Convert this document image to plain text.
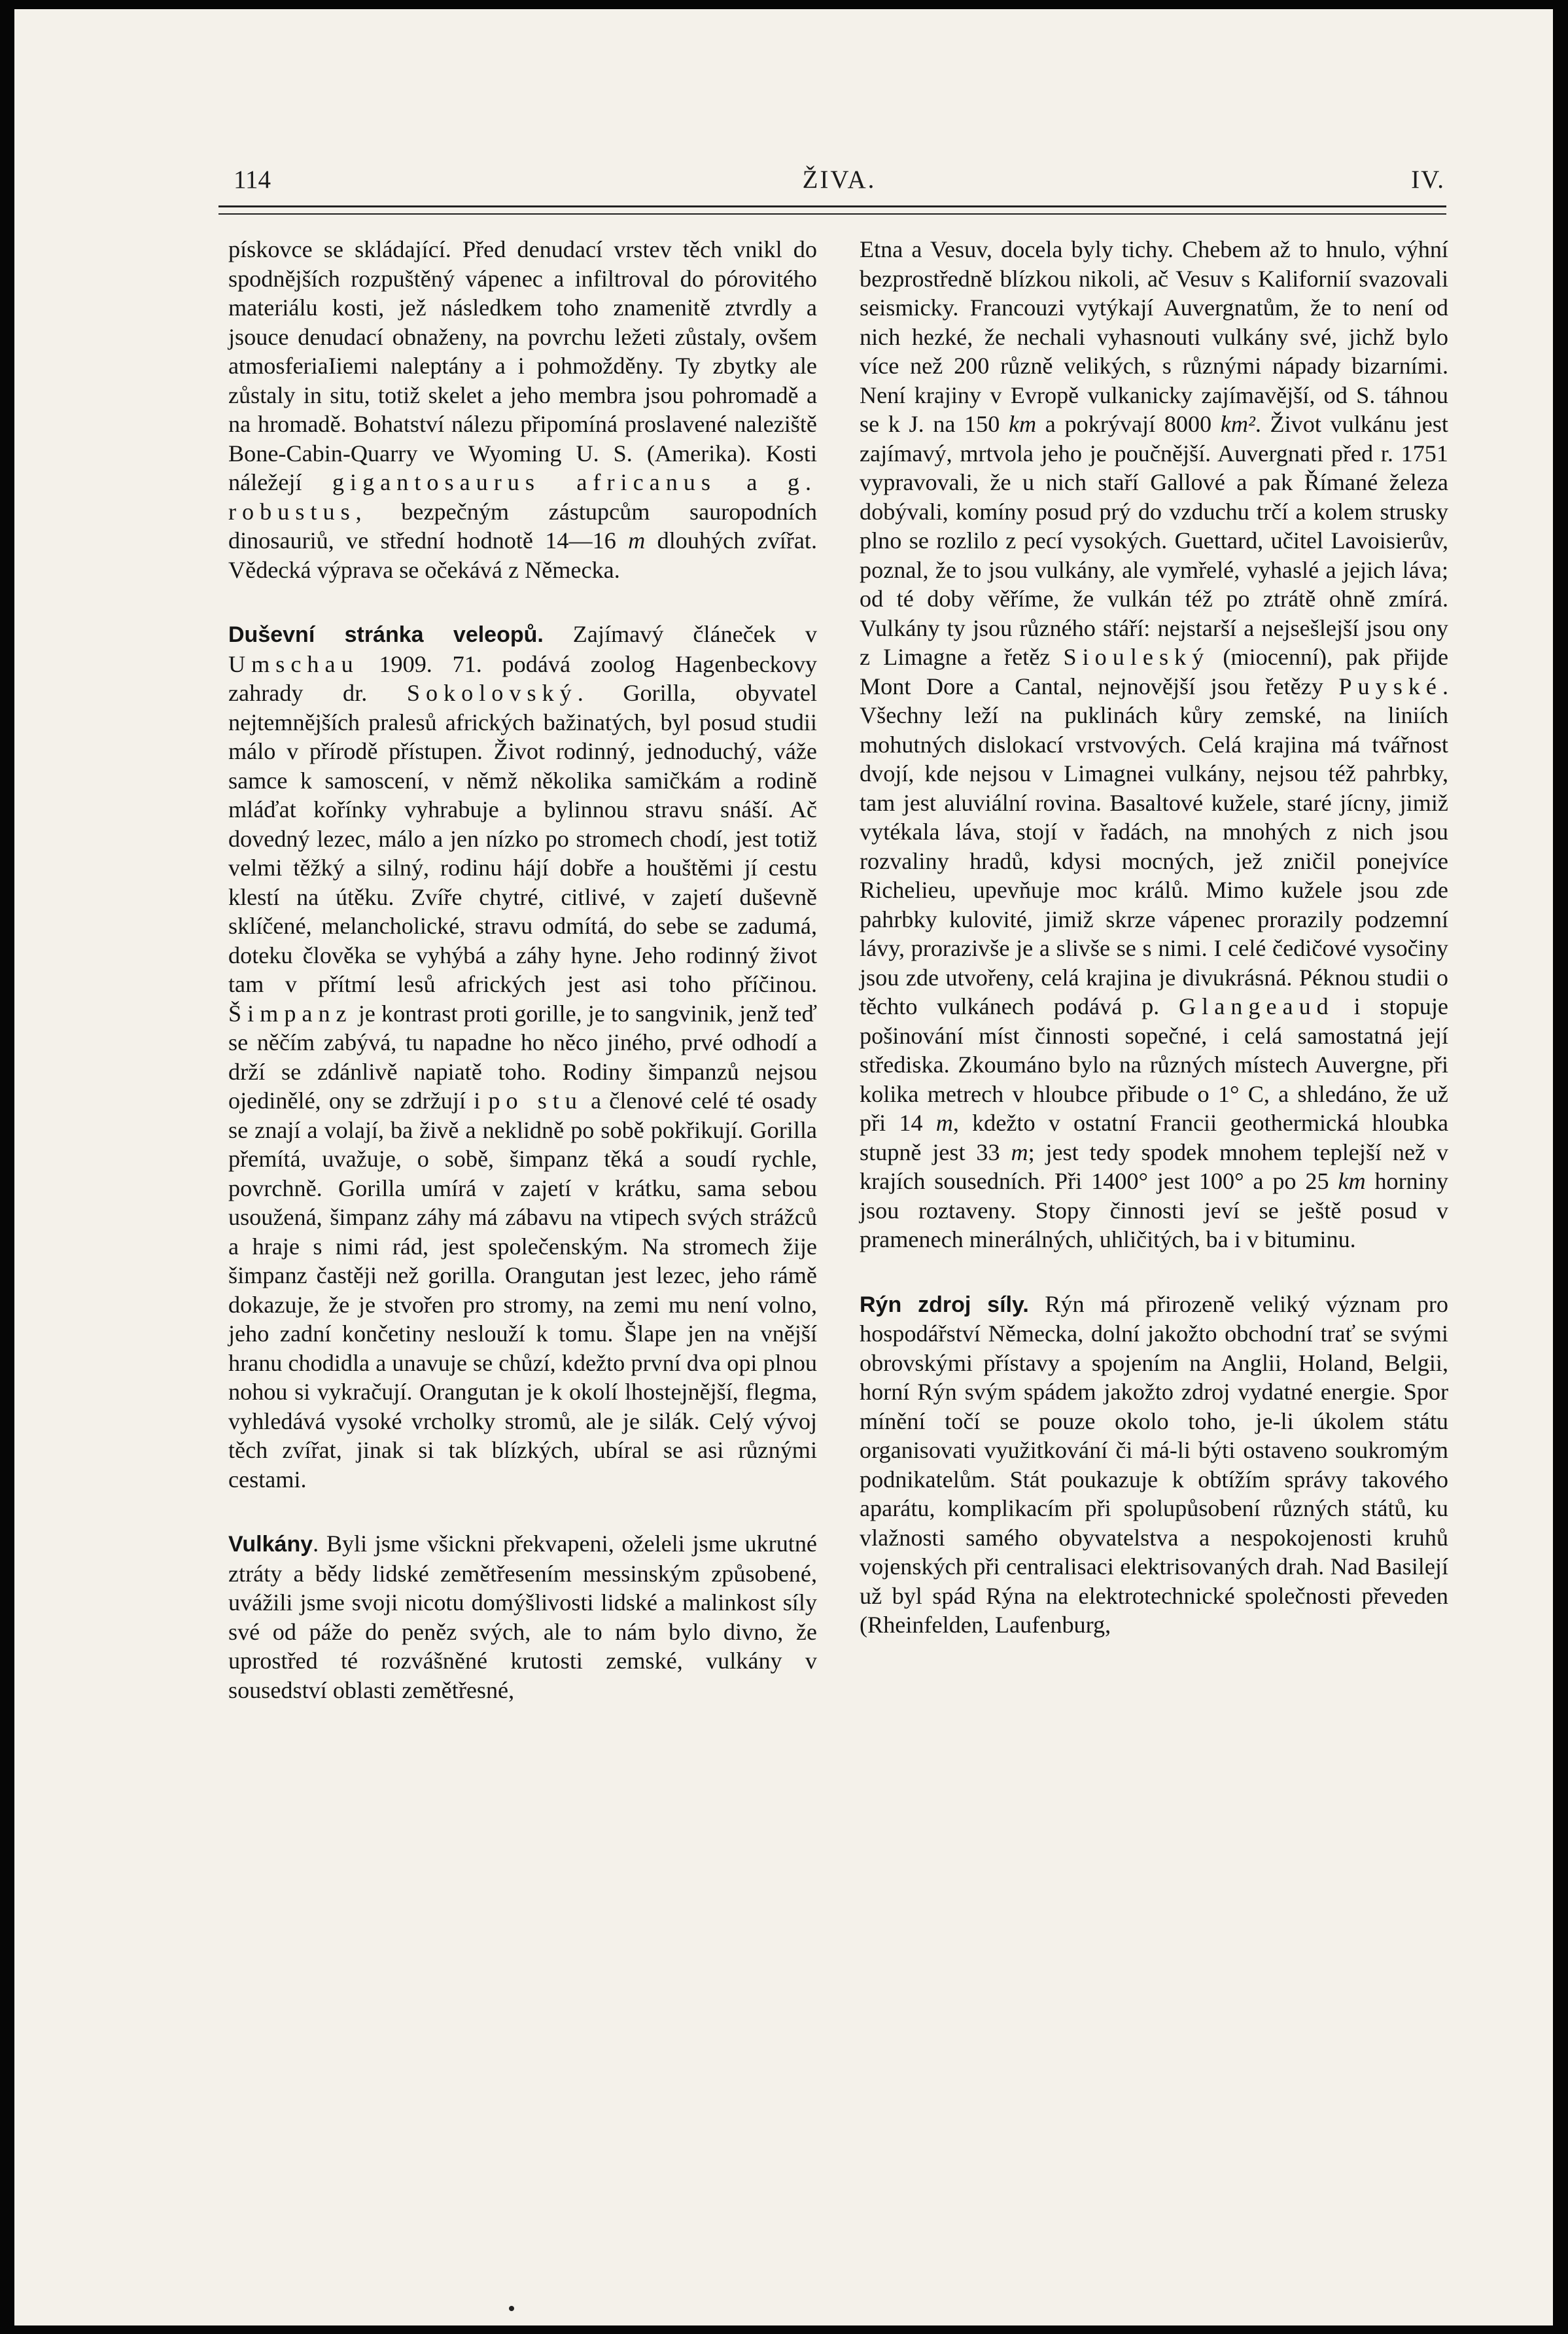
114	ŽIVA.	IV.

pískovce se skládající. Před denudací vrstev těch vnikl do spodnějších rozpuštěný vápenec a infiltroval do pórovitého materiálu kosti, jež následkem toho znamenitě ztvrdly a jsouce denudací obnaženy, na povrchu ležeti zůstaly, ovšem atmosferiaIiemi naleptány a i pohmožděny. Ty zbytky ale zůstaly in situ, totiž skelet a jeho membra jsou pohromadě a na hromadě. Bohatství nálezu připomíná proslavené naleziště Bone-Cabin-Quarry ve Wyoming U. S. (Amerika). Kosti náležejí gigantosaurus africanus a g. robustus, bezpečným zástupcům sauropodních dinosauriů, ve střední hodnotě 14—16 m dlouhých zvířat. Vědecká výprava se očekává z Německa.

Duševní stránka veleopů. Zajímavý článeček v Umschau 1909. 71. podává zoolog Hagenbeckovy zahrady dr. Sokolovský. Gorilla, obyvatel nejtemnějších pralesů afrických bažinatých, byl posud studii málo v přírodě přístupen. Život rodinný, jednoduchý, váže samce k samoscení, v němž několika samičkám a rodině mláďat kořínky vyhrabuje a bylinnou stravu snáší. Ač dovedný lezec, málo a jen nízko po stromech chodí, jest totiž velmi těžký a silný, rodinu hájí dobře a houštěmi jí cestu klestí na útěku. Zvíře chytré, citlivé, v zajetí duševně sklíčené, melancholické, stravu odmítá, do sebe se zadumá, doteku člověka se vyhýbá a záhy hyne. Jeho rodinný život tam v přítmí lesů afrických jest asi toho příčinou. Šimpanz je kontrast proti gorille, je to sangvinik, jenž teď se něčím zabývá, tu napadne ho něco jiného, prvé odhodí a drží se zdánlivě napiatě toho. Rodiny šimpanzů nejsou ojedinělé, ony se zdržují i po stu a členové celé té osady se znají a volají, ba živě a neklidně po sobě pokřikují. Gorilla přemítá, uvažuje, o sobě, šimpanz těká a soudí rychle, povrchně. Gorilla umírá v zajetí v krátku, sama sebou usoužená, šimpanz záhy má zábavu na vtipech svých strážců a hraje s nimi rád, jest společenským. Na stromech žije šimpanz častěji než gorilla. Orangutan jest lezec, jeho rámě dokazuje, že je stvořen pro stromy, na zemi mu není volno, jeho zadní končetiny neslouží k tomu. Šlape jen na vnější hranu chodidla a unavuje se chůzí, kdežto první dva opi plnou nohou si vykračují. Orangutan je k okolí lhostejnější, flegma, vyhledává vysoké vrcholky stromů, ale je silák. Celý vývoj těch zvířat, jinak si tak blízkých, ubíral se asi různými cestami.

Vulkány. Byli jsme všickni překvapeni, oželeli jsme ukrutné ztráty a bědy lidské zemětřesením messinským způsobené, uvážili jsme svoji nicotu domýšlivosti lidské a malinkost síly své od páže do peněz svých, ale to nám bylo divno, že uprostřed té rozvášněné krutosti zemské, vulkány v sousedství oblasti zemětřesné,

Etna a Vesuv, docela byly tichy. Chebem až to hnulo, výhní bezprostředně blízkou nikoli, ač Vesuv s Kalifornií svazovali seismicky. Francouzi vytýkají Auvergnatům, že to není od nich hezké, že nechali vyhasnouti vulkány své, jichž bylo více než 200 různě velikých, s různými nápady bizarními. Není krajiny v Evropě vulkanicky zajímavější, od S. táhnou se k J. na 150 km a pokrývají 8000 km². Život vulkánu jest zajímavý, mrtvola jeho je poučnější. Auvergnati před r. 1751 vypravovali, že u nich staří Gallové a pak Římané železa dobývali, komíny posud prý do vzduchu trčí a kolem strusky plno se rozlilo z pecí vysokých. Guettard, učitel Lavoisierův, poznal, že to jsou vulkány, ale vymřelé, vyhaslé a jejich láva; od té doby věříme, že vulkán též po ztrátě ohně zmírá. Vulkány ty jsou různého stáří: nejstarší a nejsešlejší jsou ony z Limagne a řetěz Siouleský (miocenní), pak přijde Mont Dore a Cantal, nejnovější jsou řetězy Puyské. Všechny leží na puklinách kůry zemské, na liniích mohutných dislokací vrstvových. Celá krajina má tvářnost dvojí, kde nejsou v Limagnei vulkány, nejsou též pahrbky, tam jest aluviální rovina. Basaltové kužele, staré jícny, jimiž vytékala láva, stojí v řadách, na mnohých z nich jsou rozvaliny hradů, kdysi mocných, jež zničil ponejvíce Richelieu, upevňuje moc králů. Mimo kužele jsou zde pahrbky kulovité, jimiž skrze vápenec prorazily podzemní lávy, prorazivše je a slivše se s nimi. I celé čedičové vysočiny jsou zde utvořeny, celá krajina je divukrásná. Péknou studii o těchto vulkánech podává p. Glangeaud i stopuje pošinování míst činnosti sopečné, i celá samostatná její střediska. Zkoumáno bylo na různých místech Auvergne, při kolika metrech v hloubce přibude o 1° C, a shledáno, že už při 14 m, kdežto v ostatní Francii geothermická hloubka stupně jest 33 m; jest tedy spodek mnohem teplejší než v krajích sousedních. Při 1400° jest 100° a po 25 km horniny jsou roztaveny. Stopy činnosti jeví se ještě posud v pramenech minerálných, uhličitých, ba i v bituminu.

Rýn zdroj síly. Rýn má přirozeně veliký význam pro hospodářství Německa, dolní jakožto obchodní trať se svými obrovskými přístavy a spojením na Anglii, Holand, Belgii, horní Rýn svým spádem jakožto zdroj vydatné energie. Spor mínění točí se pouze okolo toho, je-li úkolem státu organisovati využitkování či má-li býti ostaveno soukromým podnikatelům. Stát poukazuje k obtížím správy takového aparátu, komplikacím při spolupůsobení různých států, ku vlažnosti samého obyvatelstva a nespokojenosti kruhů vojenských při centralisaci elektrisovaných drah. Nad Basilejí už byl spád Rýna na elektrotechnické společnosti převeden (Rheinfelden, Laufenburg,
